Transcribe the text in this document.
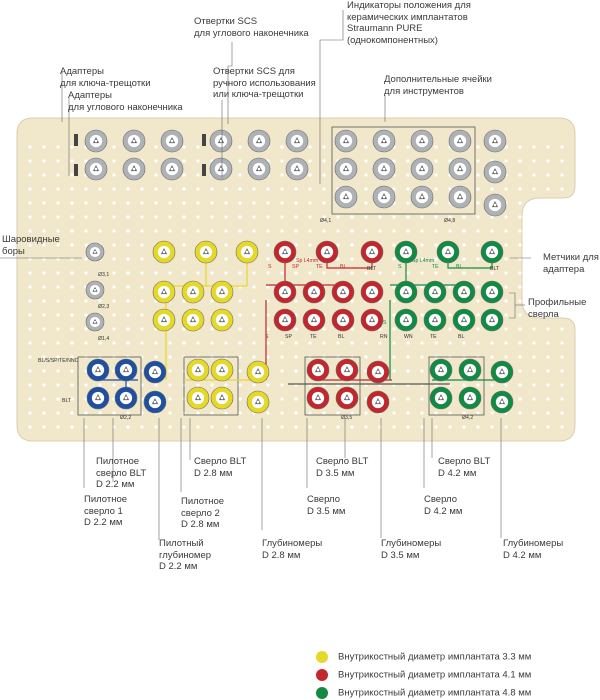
Ø3,1
Ø2,3
Ø1,4
Ø4,1	Ø4,8
Ø2,2	Ø3,5	Ø4,2
S	SP	TE	BL	BLT	S	TE	BL	BLT
Sp L4mm	Sp L4mm
S	SP	TE	BL	RN
S
WN	TE	BL
BL/S/SP/TE/NNC
BLT
Отвертки SCS
для углового наконечника
Индикаторы положения для
керамических имплантатов
Straumann PURE
(однокомпонентных)
Адаптеры
для ключа-трещотки
Адаптеры
для углового наконечника
Отвертки SCS для
ручного использования
или ключа-трещотки
Дополнительные ячейки
для инструментов
Шаровидные
боры
Метчики для
адаптера
Профильные
сверла
Пилотное
сверло BLT
D 2.2 мм
Пилотное
сверло 1
D 2.2 мм
Пилотное
сверло 2
D 2.8 мм
Пилотный
глубиномер
D 2.2 мм
Сверло BLT
D 2.8 мм
Глубиномеры
D 2.8 мм
Сверло BLT
D 3.5 мм
Сверло
D 3.5 мм
Глубиномеры
D 3.5 мм
Сверло BLT
D 4.2 мм
Сверло
D 4.2 мм
Глубиномеры
D 4.2 мм
Внутрикостный диаметр имплантата 3.3 мм
Внутрикостный диаметр имплантата 4.1 мм
Внутрикостный диаметр имплантата 4.8 мм
